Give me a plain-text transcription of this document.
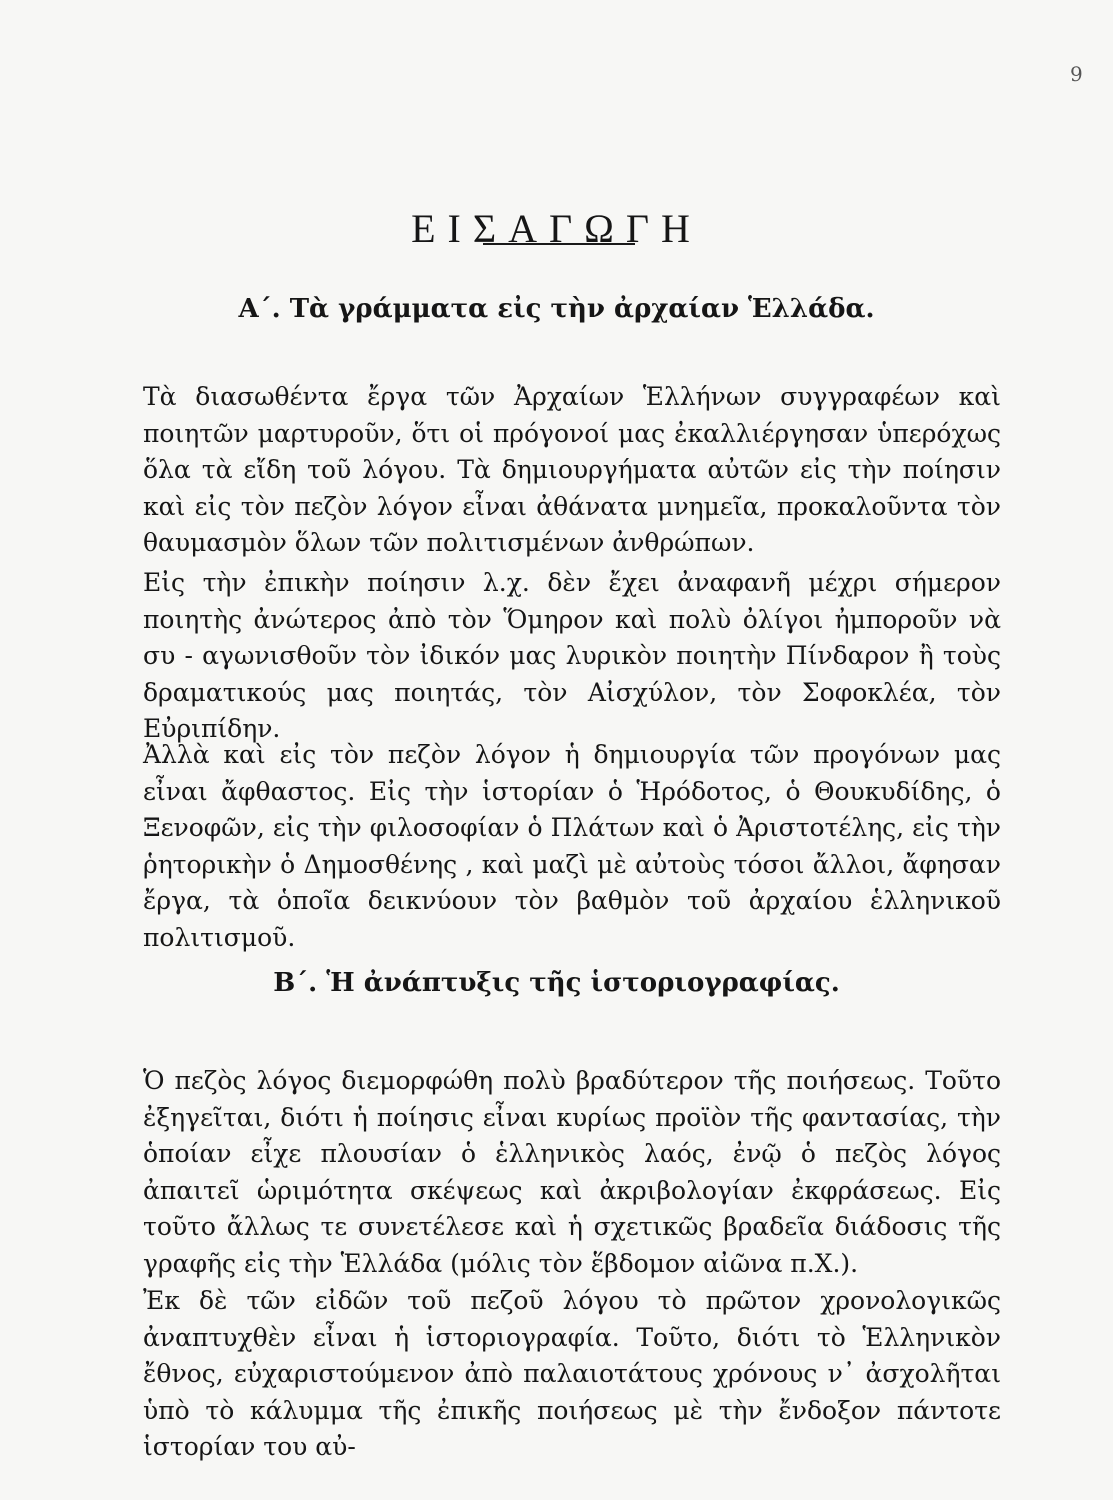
9
ΕΙΣΑΓΩΓΗ
Α΄. Τὰ γράμματα εἰς τὴν ἀρχαίαν Ἑλλάδα.

Τὰ διασωθέντα ἔργα τῶν Ἀρχαίων Ἑλλήνων συγγραφέων καὶ ποιητῶν μαρτυροῦν, ὅτι οἱ πρόγονοί μας ἐκαλλιέργησαν ὑπερόχως ὅλα τὰ εἴδη τοῦ λόγου. Τὰ δημιουργήματα αὐτῶν εἰς τὴν ποίησιν καὶ εἰς τὸν πεζὸν λόγον εἶναι ἀθάνατα μνημεῖα, προκαλοῦντα τὸν θαυμασμὸν ὅλων τῶν πολιτισμένων ἀνθρώπων.

Εἰς τὴν ἐπικὴν ποίησιν λ.χ. δὲν ἔχει ἀναφανῆ μέχρι σήμερον ποιητὴς ἀνώτερος ἀπὸ τὸν Ὅμηρον καὶ πολὺ ὀλίγοι ἠμποροῦν νὰ συ - αγωνισθοῦν τὸν ἰδικόν μας λυρικὸν ποιητὴν Πίνδαρον ἢ τοὺς δραματικούς μας ποιητάς, τὸν Αἰσχύλον, τὸν Σοφοκλέα, τὸν Εὐριπίδην.

Ἀλλὰ καὶ εἰς τὸν πεζὸν λόγον ἡ δημιουργία τῶν προγόνων μας εἶναι ἄφθαστος. Εἰς τὴν ἱστορίαν ὁ Ἡρόδοτος, ὁ Θουκυδίδης, ὁ Ξενοφῶν, εἰς τὴν φιλοσοφίαν ὁ Πλάτων καὶ ὁ Ἀριστοτέλης, εἰς τὴν ῥητορικὴν ὁ Δημοσθένης , καὶ μαζὶ μὲ αὐτοὺς τόσοι ἄλλοι, ἄφησαν ἔργα, τὰ ὁποῖα δεικνύουν τὸν βαθμὸν τοῦ ἀρχαίου ἑλληνικοῦ πολιτισμοῦ.

Β΄. Ἡ ἀνάπτυξις τῆς ἱστοριογραφίας.

Ὁ πεζὸς λόγος διεμορφώθη πολὺ βραδύτερον τῆς ποιήσεως. Τοῦτο ἐξηγεῖται, διότι ἡ ποίησις εἶναι κυρίως προϊὸν τῆς φαντασίας, τὴν ὁποίαν εἶχε πλουσίαν ὁ ἑλληνικὸς λαός, ἐνῷ ὁ πεζὸς λόγος ἀπαιτεῖ ὡριμότητα σκέψεως καὶ ἀκριβολογίαν ἐκφράσεως. Εἰς τοῦτο ἄλλως τε συνετέλεσε καὶ ἡ σχετικῶς βραδεῖα διάδοσις τῆς γραφῆς εἰς τὴν Ἑλλάδα (μόλις τὸν ἕβδομον αἰῶνα π.Χ.).

Ἐκ δὲ τῶν εἰδῶν τοῦ πεζοῦ λόγου τὸ πρῶτον χρονολογικῶς ἀναπτυχθὲν εἶναι ἡ ἱστοριογραφία. Τοῦτο, διότι τὸ Ἑλληνικὸν ἔθνος, εὐχαριστούμενον ἀπὸ παλαιοτάτους χρόνους ν᾽ ἀσχολῆται ὑπὸ τὸ κάλυμμα τῆς ἐπικῆς ποιήσεως μὲ τὴν ἔνδοξον πάντοτε ἱστορίαν του αὐ-
